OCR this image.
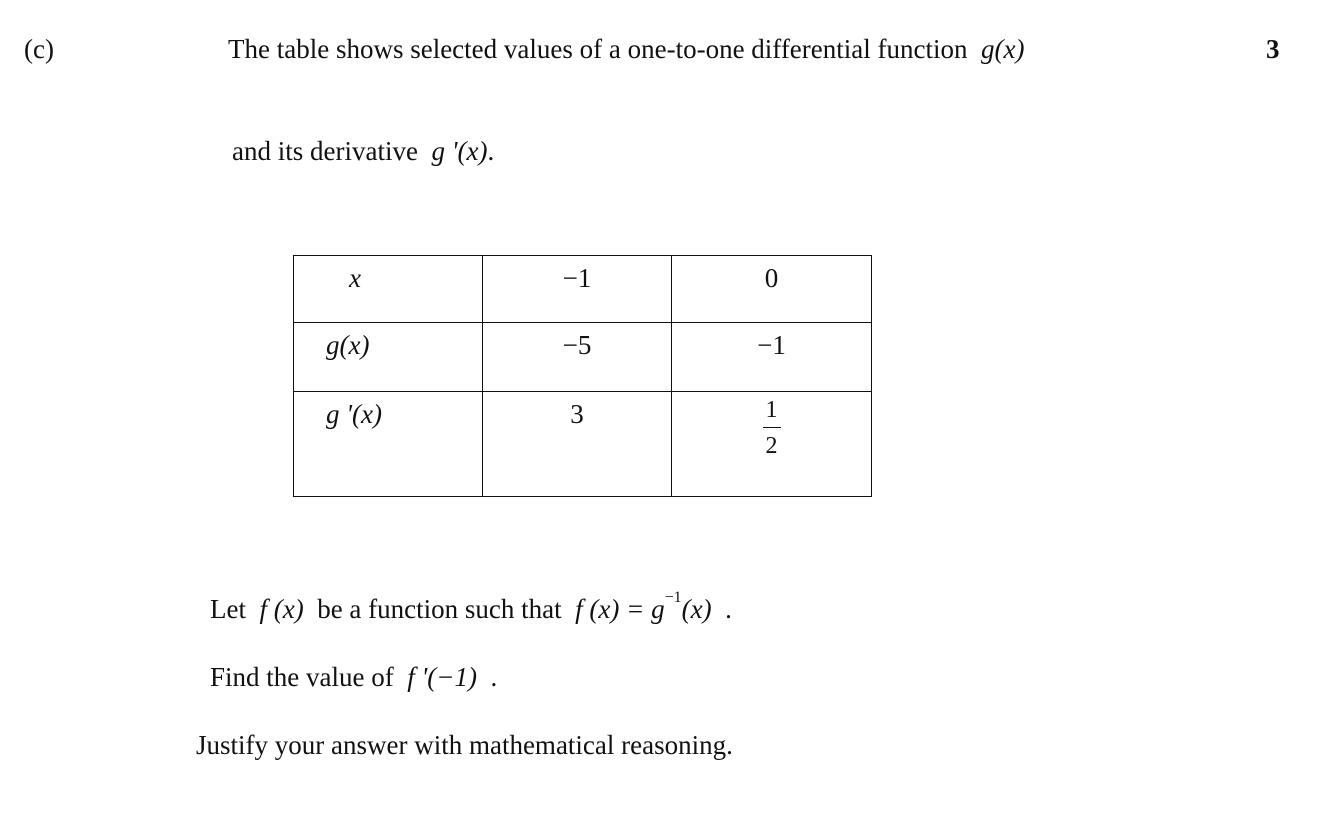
(c)	3
The table shows selected values of a one-to-one differential function g(x)
and its derivative g '(x).
x	−1	0

g(x)	−5	−1

g '(x)	3	$\frac{1}{2}$
Let f (x) be a function such that f $(x) = g^{-1}(x)$ .
Find the value of f '(−1) .
Justify your answer with mathematical reasoning.
